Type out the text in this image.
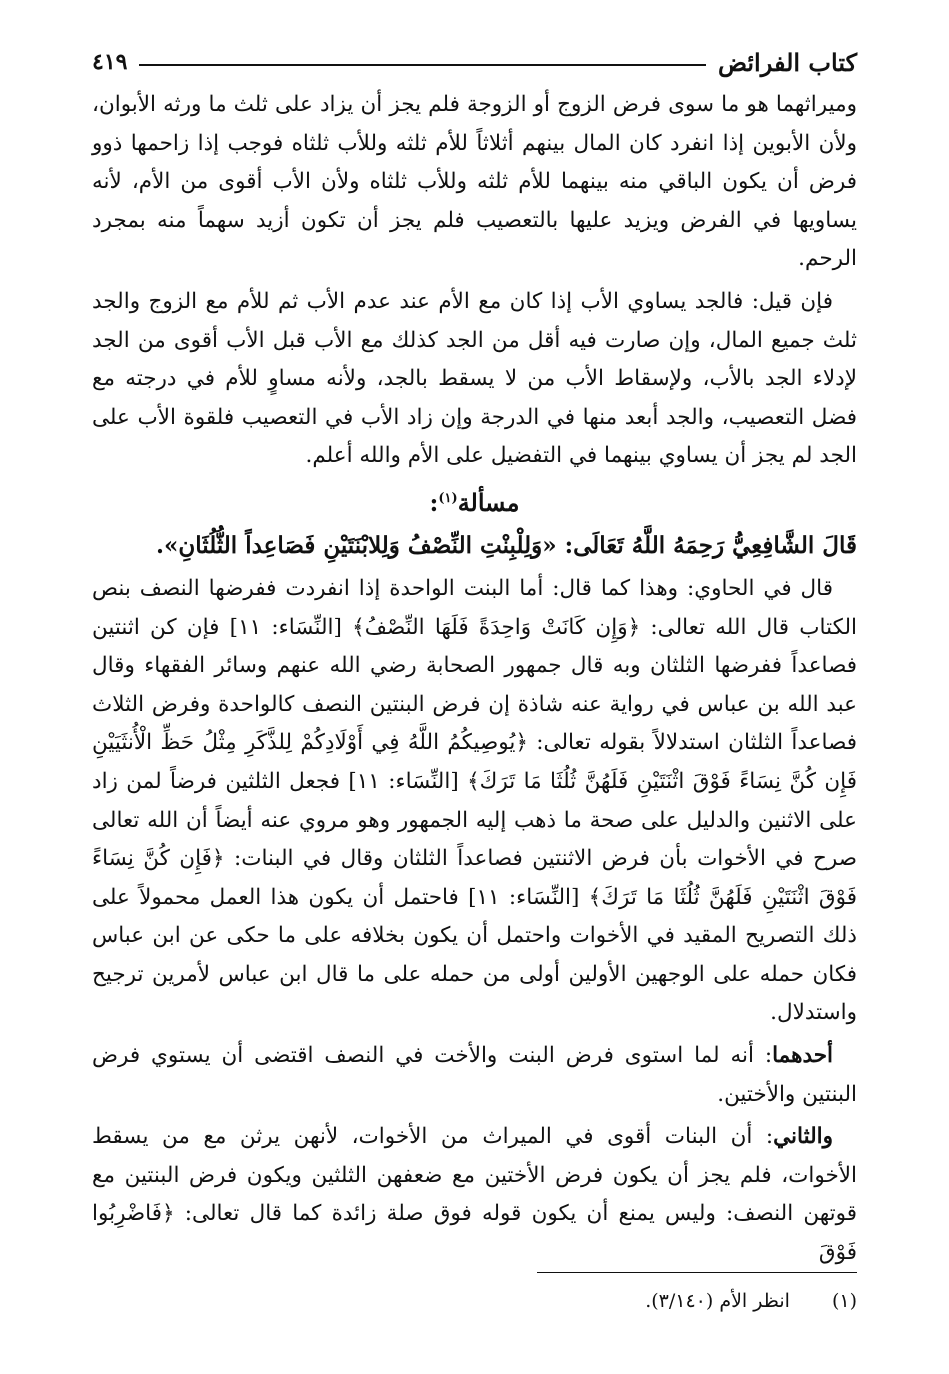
كتاب الفرائض
٤١٩

وميراثهما هو ما سوى فرض الزوج أو الزوجة فلم يجز أن يزاد على ثلث ما ورثه الأبوان، ولأن الأبوين إذا انفرد كان المال بينهم أثلاثاً للأم ثلثه وللأب ثلثاه فوجب إذا زاحمها ذوو فرض أن يكون الباقي منه بينهما للأم ثلثه وللأب ثلثاه ولأن الأب أقوى من الأم، لأنه يساويها في الفرض ويزيد عليها بالتعصيب فلم يجز أن تكون أزيد سهماً منه بمجرد الرحم.

فإن قيل: فالجد يساوي الأب إذا كان مع الأم عند عدم الأب ثم للأم مع الزوج والجد ثلث جميع المال، وإن صارت فيه أقل من الجد كذلك مع الأب قبل الأب أقوى من الجد لإدلاء الجد بالأب، ولإسقاط الأب من لا يسقط بالجد، ولأنه مساوٍ للأم في درجته مع فضل التعصيب، والجد أبعد منها في الدرجة وإن زاد الأب في التعصيب فلقوة الأب على الجد لم يجز أن يساوي بينهما في التفضيل على الأم والله أعلم.

مسألة$^{(١)}$:

قَالَ الشَّافِعِيُّ رَحِمَهُ اللَّهُ تَعَالَى: «وَلِلْبِنْتِ النِّصْفُ وَلِلابْنَتَيْنِ فَصَاعِداً الثُّلُثَانِ».

قال في الحاوي: وهذا كما قال: أما البنت الواحدة إذا انفردت ففرضها النصف بنص الكتاب قال الله تعالى: ﴿وَإِن كَانَتْ وَاحِدَةً فَلَهَا النِّصْفُ﴾ [النِّسَاء: ١١] فإن كن اثنتين فصاعداً ففرضها الثلثان وبه قال جمهور الصحابة رضي الله عنهم وسائر الفقهاء وقال عبد الله بن عباس في رواية عنه شاذة إن فرض البنتين النصف كالواحدة وفرض الثلاث فصاعداً الثلثان استدلالاً بقوله تعالى: ﴿يُوصِيكُمُ اللَّهُ فِي أَوْلَادِكُمْ لِلذَّكَرِ مِثْلُ حَظِّ الْأُنثَيَيْنِ فَإِن كُنَّ نِسَاءً فَوْقَ اثْنَتَيْنِ فَلَهُنَّ ثُلُثَا مَا تَرَكَ﴾ [النِّسَاء: ١١] فجعل الثلثين فرضاً لمن زاد على الاثنين والدليل على صحة ما ذهب إليه الجمهور وهو مروي عنه أيضاً أن الله تعالى صرح في الأخوات بأن فرض الاثنتين فصاعداً الثلثان وقال في البنات: ﴿فَإِن كُنَّ نِسَاءً فَوْقَ اثْنَتَيْنِ فَلَهُنَّ ثُلُثَا مَا تَرَكَ﴾ [النِّسَاء: ١١] فاحتمل أن يكون هذا العمل محمولاً على ذلك التصريح المقيد في الأخوات واحتمل أن يكون بخلافه على ما حكى عن ابن عباس فكان حمله على الوجهين الأولين أولى من حمله على ما قال ابن عباس لأمرين ترجيح واستدلال.

أحدهما: أنه لما استوى فرض البنت والأخت في النصف اقتضى أن يستوي فرض البنتين والأختين.

والثاني: أن البنات أقوى في الميراث من الأخوات، لأنهن يرثن مع من يسقط الأخوات، فلم يجز أن يكون فرض الأختين مع ضعفهن الثلثين ويكون فرض البنتين مع قوتهن النصف: وليس يمنع أن يكون قوله فوق صلة زائدة كما قال تعالى: ﴿فَاضْرِبُوا فَوْقَ

(١) انظر الأم (٣/١٤٠).
